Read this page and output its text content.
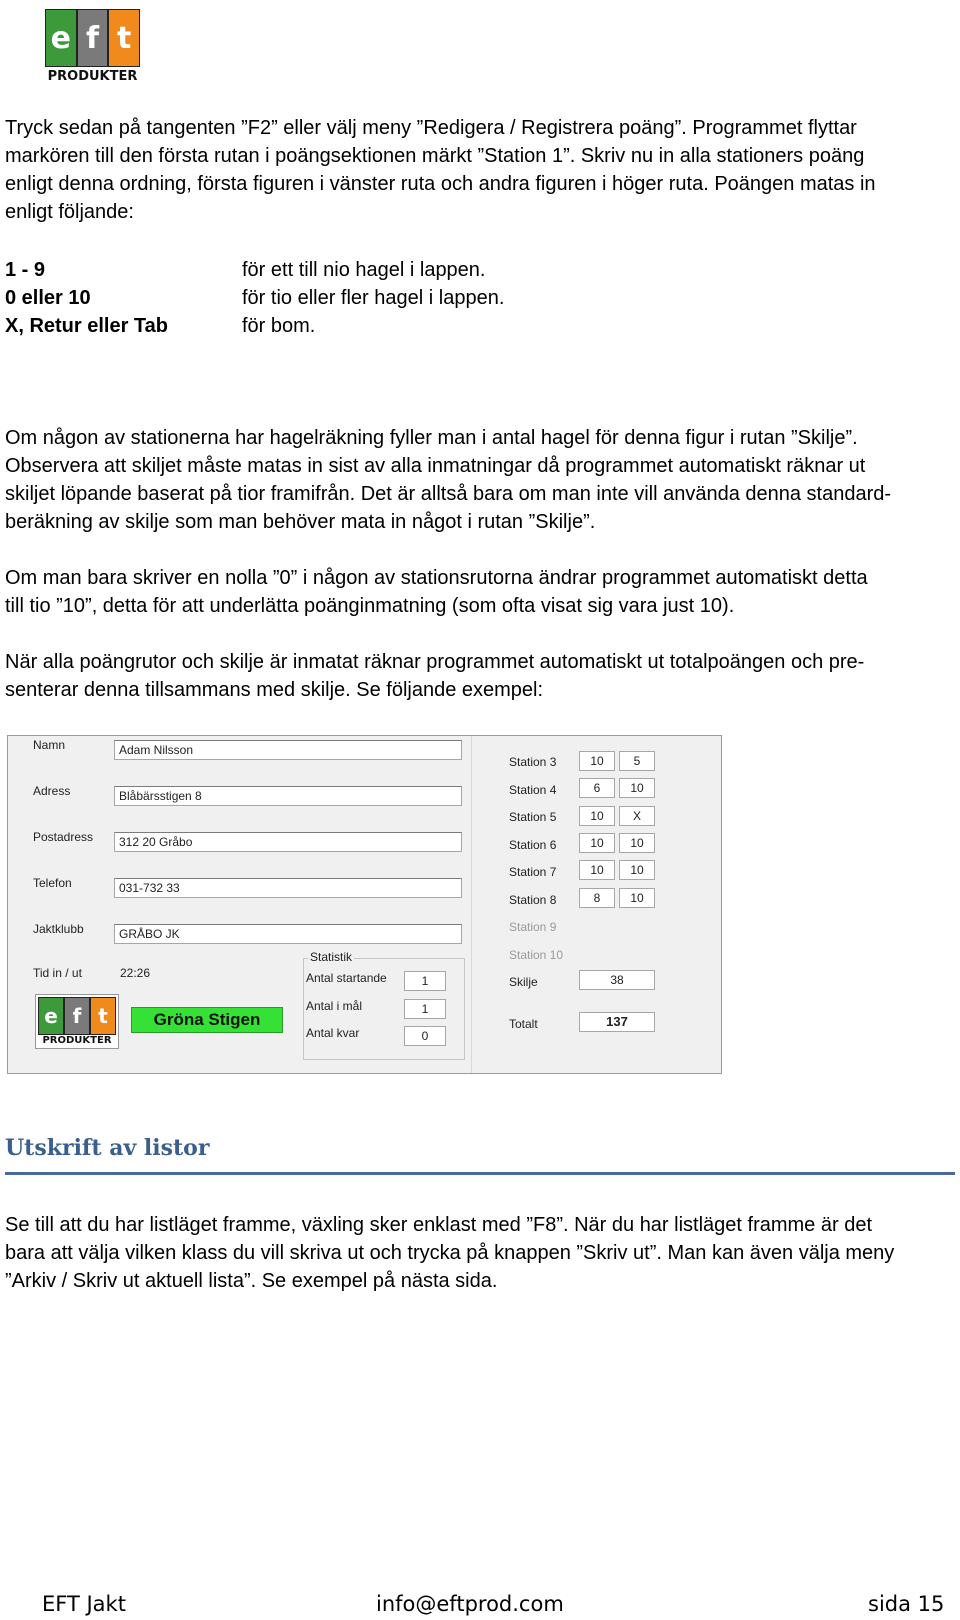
e f t
PRODUKTER
Tryck sedan på tangenten ”F2” eller välj meny ”Redigera / Registrera poäng”. Programmet flyttar
markören till den första rutan i poängsektionen märkt ”Station 1”. Skriv nu in alla stationers poäng
enligt denna ordning, första figuren i vänster ruta och andra figuren i höger ruta. Poängen matas in
enligt följande:
1 - 9	för ett till nio hagel i lappen.
0 eller 10	för tio eller fler hagel i lappen.
X, Retur eller Tab	för bom.
Om någon av stationerna har hagelräkning fyller man i antal hagel för denna figur i rutan ”Skilje”.
Observera att skiljet måste matas in sist av alla inmatningar då programmet automatiskt räknar ut
skiljet löpande baserat på tior framifrån. Det är alltså bara om man inte vill använda denna standard-
beräkning av skilje som man behöver mata in något i rutan ”Skilje”.
Om man bara skriver en nolla ”0” i någon av stationsrutorna ändrar programmet automatiskt detta
till tio ”10”, detta för att underlätta poänginmatning (som ofta visat sig vara just 10).
När alla poängrutor och skilje är inmatat räknar programmet automatiskt ut totalpoängen och pre-
senterar denna tillsammans med skilje. Se följande exempel:
Namn	Adam Nilsson
Adress	Blåbärsstigen 8
Postadress	312 20 Gråbo
Telefon	031-732 33
Jaktklubb	GRÅBO JK
Tid in / ut	22:26
e f t
PRODUKTER
Gröna Stigen
Statistik
Antal startande	1
Antal i mål	1
Antal kvar	0
Station 3	10	5
Station 4	6	10
Station 5	10	X
Station 6	10	10
Station 7	10	10
Station 8	8	10
Station 9
Station 10
Skilje	38
Totalt	137
Utskrift av listor
Se till att du har listläget framme, växling sker enklast med ”F8”. När du har listläget framme är det
bara att välja vilken klass du vill skriva ut och trycka på knappen ”Skriv ut”. Man kan även välja meny
”Arkiv / Skriv ut aktuell lista”. Se exempel på nästa sida.
EFT Jakt	info@eftprod.com	sida 15
